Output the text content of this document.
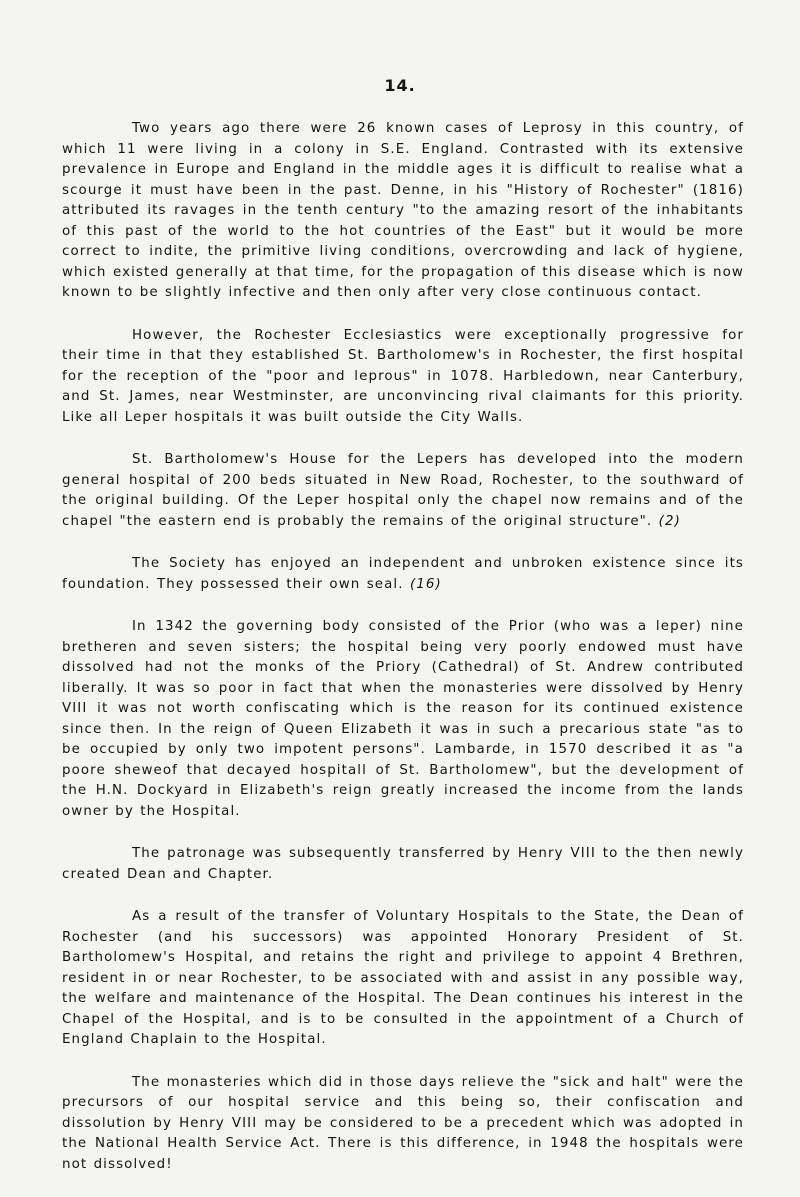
14.

Two years ago there were 26 known cases of Leprosy in this country, of which 11 were living in a colony in S.E. England. Contrasted with its extensive prevalence in Europe and England in the middle ages it is difficult to realise what a scourge it must have been in the past. Denne, in his "History of Rochester" (1816) attributed its ravages in the tenth century "to the amazing resort of the inhabitants of this past of the world to the hot countries of the East" but it would be more correct to indite, the primitive living conditions, overcrowding and lack of hygiene, which existed generally at that time, for the propagation of this disease which is now known to be slightly infective and then only after very close continuous contact.

However, the Rochester Ecclesiastics were exceptionally progressive for their time in that they established St. Bartholomew's in Rochester, the first hospital for the reception of the "poor and leprous" in 1078. Harbledown, near Canterbury, and St. James, near Westminster, are unconvincing rival claimants for this priority. Like all Leper hospitals it was built outside the City Walls.

St. Bartholomew's House for the Lepers has developed into the modern general hospital of 200 beds situated in New Road, Rochester, to the southward of the original building. Of the Leper hospital only the chapel now remains and of the chapel "the eastern end is probably the remains of the original structure". (2)

The Society has enjoyed an independent and unbroken existence since its foundation. They possessed their own seal. (16)

In 1342 the governing body consisted of the Prior (who was a leper) nine bretheren and seven sisters; the hospital being very poorly endowed must have dissolved had not the monks of the Priory (Cathedral) of St. Andrew contributed liberally. It was so poor in fact that when the monasteries were dissolved by Henry VIII it was not worth confiscating which is the reason for its continued existence since then. In the reign of Queen Elizabeth it was in such a precarious state "as to be occupied by only two impotent persons". Lambarde, in 1570 described it as "a poore sheweof that decayed hospitall of St. Bartholomew", but the development of the H.N. Dockyard in Elizabeth's reign greatly increased the income from the lands owner by the Hospital.

The patronage was subsequently transferred by Henry VIII to the then newly created Dean and Chapter.

As a result of the transfer of Voluntary Hospitals to the State, the Dean of Rochester (and his successors) was appointed Honorary President of St. Bartholomew's Hospital, and retains the right and privilege to appoint 4 Brethren, resident in or near Rochester, to be associated with and assist in any possible way, the welfare and maintenance of the Hospital. The Dean continues his interest in the Chapel of the Hospital, and is to be consulted in the appointment of a Church of England Chaplain to the Hospital.

The monasteries which did in those days relieve the "sick and halt" were the precursors of our hospital service and this being so, their confiscation and dissolution by Henry VIII may be considered to be a precedent which was adopted in the National Health Service Act. There is this difference, in 1948 the hospitals were not dissolved!
